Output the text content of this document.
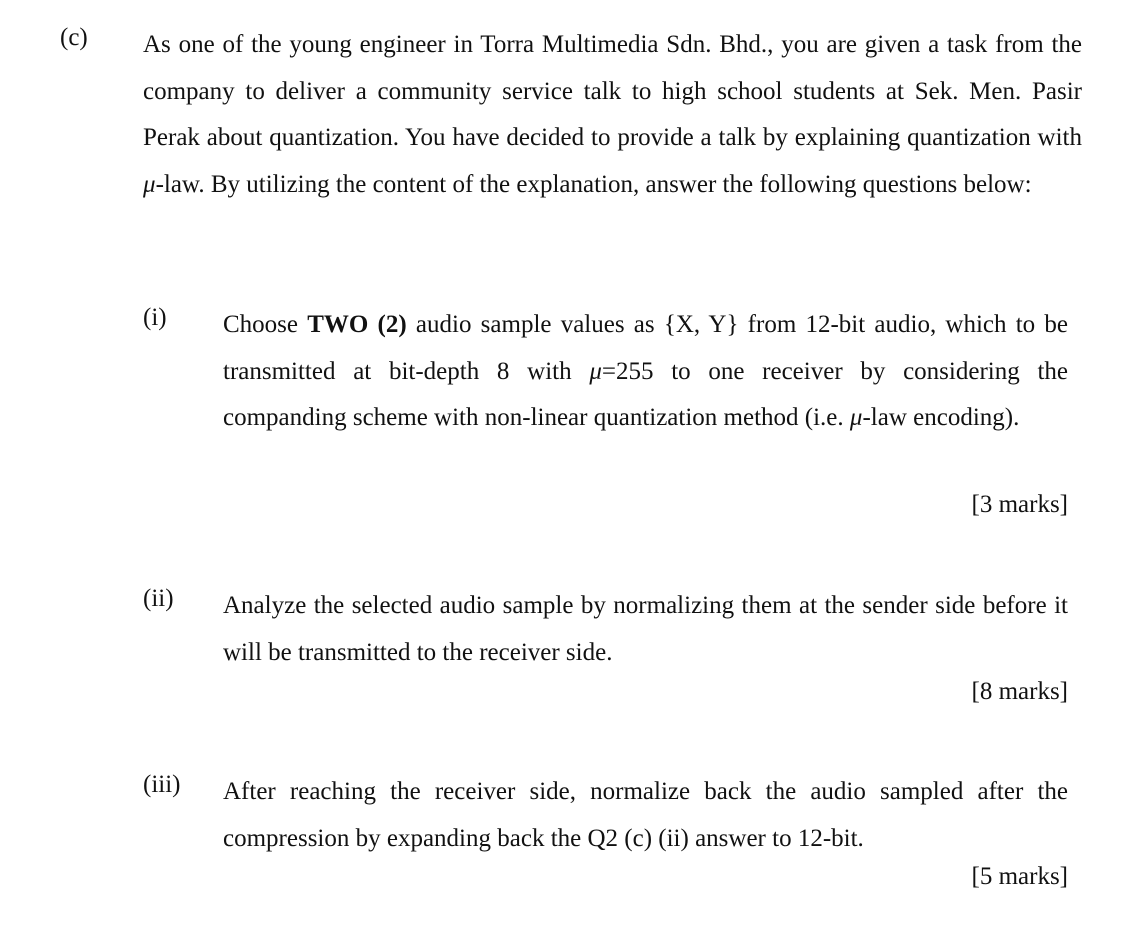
(c) As one of the young engineer in Torra Multimedia Sdn. Bhd., you are given a task from the company to deliver a community service talk to high school students at Sek. Men. Pasir Perak about quantization. You have decided to provide a talk by explaining quantization with μ-law. By utilizing the content of the explanation, answer the following questions below:
(i) Choose TWO (2) audio sample values as {X, Y} from 12-bit audio, which to be transmitted at bit-depth 8 with μ=255 to one receiver by considering the companding scheme with non-linear quantization method (i.e. μ-law encoding).
[3 marks]
(ii) Analyze the selected audio sample by normalizing them at the sender side before it will be transmitted to the receiver side.
[8 marks]
(iii) After reaching the receiver side, normalize back the audio sampled after the compression by expanding back the Q2 (c) (ii) answer to 12-bit.
[5 marks]
